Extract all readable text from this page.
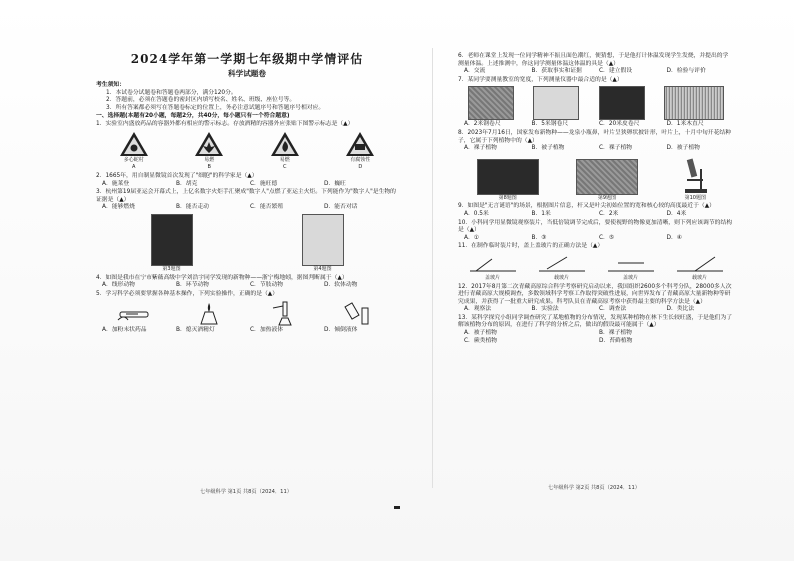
2024学年第一学期七年级期中学情评估
科学试题卷
考生须知：
1．本试卷分试题卷和答题卷两部分，满分120分。
2．答题前，必须在答题卷的密封区内填写校名、姓名、班级、座位号等。
3．所有答案都必须写在答题卷标定的位置上，务必注意试题序号和答题序号相对应。
一、选择题(本题有20小题，每题2分，共40分，每小题只有一个符合题意)
1．实验室内盛放药品的容器外都有相应的警示标志。存放酒精的容器外应张贴下图警示标志是（▲）
多心蛇村
A
易燃
B
易燃
C
有腐蚀性
D
2．1665年，用自制显微镜首次发现了"细胞"的科学家是（▲）
A．施莱登	B．胡克	C．施旺德	D．巍旺
3．杭州第19届亚运会开幕式上，上亿名数字火炬手汇聚成"数字人"点燃了亚运主火炬。下列能作为"数字人"是生物的证据是（▲）
A．能够燃烧	B．能否走动	C．能否繁殖	D．能否对话
第3题图	第4题图
4．如图是我市在宁市紫薇高级中学刘浩宇同学发现的新物种——浙宁梅地蚓，据图判断属于（▲）
A．线形动物	B．环节动物	C．节肢动物	D．软体动物
5．学习科学必须要掌握各种基本操作，下列实验操作，正确的是（▲）
A．加粉末状药品	B．熄灭酒精灯	C．加热液体	D．倾倒液体
七年级科学 第1页 共8页（2024．11）
6．老师在课堂上发现一位同学精神不振且面色潮红，便猜想，于是他打计体温发现学生发烧，并提出的学测量体温。上述推测中，你这同学测量体温这体温的具是（▲）
A．交流	B．获取事实和证据	C．建立假设	D．检验与评价
7．某同学要测量教室的宽度，下列测量仪器中最合适的是（▲）
A．2米钢卷尺	B．5米钢卷尺	C．20米皮卷尺	D．1米木直尺
8．2023年7月16日，国家发布新物种——龙泉小瓶鼻，叶片呈狭卵状披针形，叶片上，十月中旬开花结种子，它属于下列植物中的（▲）
A．裸子植物	B．被子植物	C．裸子植物	D．被子植物
第8题图	第9题图	第10题图
9．如图是"无言谜语"的场景，根据图片信息，杆又是叶尖初始位置的宽和核心较的高度最近于（▲）
A．0.5米	B．1米	C．2米	D．4米
10．小科同学用显微镜观察装片，当低倍镜调节完成后，要使视野的物像更加清晰，则下列应该调节的结构是（▲）
A．①	B．③	C．⑤	D．④
11．在制作临时装片时，盖上盖玻片的正确方法是（▲）
盖玻片	载玻片	盖玻片	载玻片
12．2017年8月第二次青藏高原综合科学考察研究启动以来，我国组织2600多个科考分队，28000多人次进行青藏高原大规模调查，多数领域科学考察工作取得突破性进展，向世界发布了青藏高原大量新物种等研究成果，并获得了一批重大研究成果。科考队员在青藏高原考察中获得最主要的科学方法是（▲）
A．观察法	B．实验法	C．调查法	D．类比法
13．某科学探究小组同学调查研究了某地植物的分布情况，发现某种植物在林下生长较旺盛，于是他们为了解该植物分布的原因，在进行了科学的分析之后，做出的假设最可能属于（▲）
A．被子植物	B．裸子植物
C．蕨类植物	D．苔藓植物
七年级科学 第2页 共8页（2024．11）
